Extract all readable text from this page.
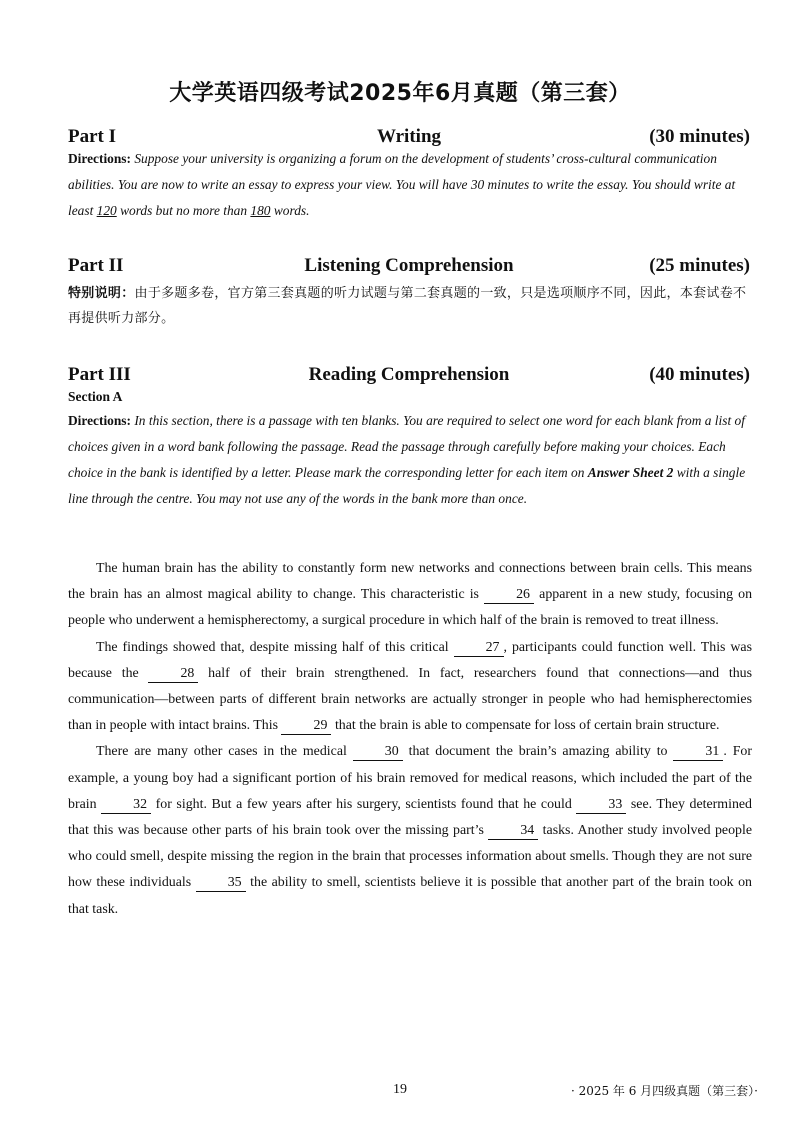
大学英语四级考试2025年6月真题（第三套）
Part I	Writing	(30 minutes)
Directions: Suppose your university is organizing a forum on the development of students’ cross-cultural communication abilities. You are now to write an essay to express your view. You will have 30 minutes to write the essay. You should write at least 120 words but no more than 180 words.
Part II	Listening Comprehension	(25 minutes)
特别说明：由于多题多卷，官方第三套真题的听力试题与第二套真题的一致，只是选项顺序不同，因此，本套试卷不再提供听力部分。
Part III	Reading Comprehension	(40 minutes)
Section A
Directions: In this section, there is a passage with ten blanks. You are required to select one word for each blank from a list of choices given in a word bank following the passage. Read the passage through carefully before making your choices. Each choice in the bank is identified by a letter. Please mark the corresponding letter for each item on Answer Sheet 2 with a single line through the centre. You may not use any of the words in the bank more than once.

The human brain has the ability to constantly form new networks and connections between brain cells. This means the brain has an almost magical ability to change. This characteristic is 26 apparent in a new study, focusing on people who underwent a hemispherectomy, a surgical procedure in which half of the brain is removed to treat illness.

The findings showed that, despite missing half of this critical 27 , participants could function well. This was because the 28 half of their brain strengthened. In fact, researchers found that connections—and thus communication—between parts of different brain networks are actually stronger in people who had hemispherectomies than in people with intact brains. This 29 that the brain is able to compensate for loss of certain brain structure.

There are many other cases in the medical 30 that document the brain’s amazing ability to 31 . For example, a young boy had a significant portion of his brain removed for medical reasons, which included the part of the brain 32 for sight. But a few years after his surgery, scientists found that he could 33 see. They determined that this was because other parts of his brain took over the missing part’s 34 tasks. Another study involved people who could smell, despite missing the region in the brain that processes information about smells. Though they are not sure how these individuals 35 the ability to smell, scientists believe it is possible that another part of the brain took on that task.

19	· 2025 年 6 月四级真题（第三套）·
